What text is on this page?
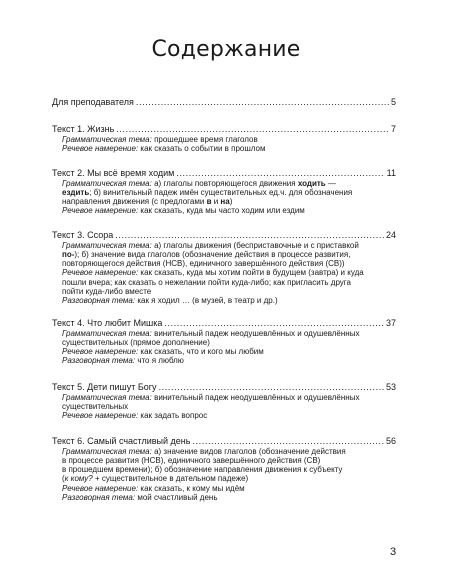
Содержание
Для преподавателя .....	5
Текст 1. Жизнь .....	7
Грамматическая тема: прошедшее время глаголов
Речевое намерение: как сказать о событии в прошлом
Текст 2. Мы всё время ходим .....	11
Грамматическая тема: а) глаголы повторяющегося движения ходить —
ездить; б) винительный падеж имён существительных ед.ч. для обозначения
направления движения (с предлогами в и на)
Речевое намерение: как сказать, куда мы часто ходим или ездим
Текст 3. Ссора .....	24
Грамматическая тема: а) глаголы движения (бесприставочные и с приставкой
по-); б) значение вида глаголов (обозначение действия в процессе развития,
повторяющегося действия (НСВ), единичного завершённого действия (СВ))
Речевое намерение: как сказать, куда мы хотим пойти в будущем (завтра) и куда
пошли вчера; как сказать о нежелании пойти куда-либо; как пригласить друга
пойти куда-либо вместе
Разговорная тема: как я ходил … (в музей, в театр и др.)
Текст 4. Что любит Мишка .....	37
Грамматическая тема: винительный падеж неодушевлённых и одушевлённых
существительных (прямое дополнение)
Речевое намерение: как сказать, что и кого мы любим
Разговорная тема: что я люблю
Текст 5. Дети пишут Богу .....	53
Грамматическая тема: винительный падеж неодушевлённых и одушевлённых
существительных
Речевое намерение: как задать вопрос
Текст 6. Самый счастливый день .....	56
Грамматическая тема: а) значение видов глаголов (обозначение действия
в процессе развития (НСВ), единичного завершённого действия (СВ)
в прошедшем времени); б) обозначение направления движения к субъекту
(к кому? + существительное в дательном падеже)
Речевое намерение: как сказать, к кому мы идём
Разговорная тема: мой счастливый день
3
